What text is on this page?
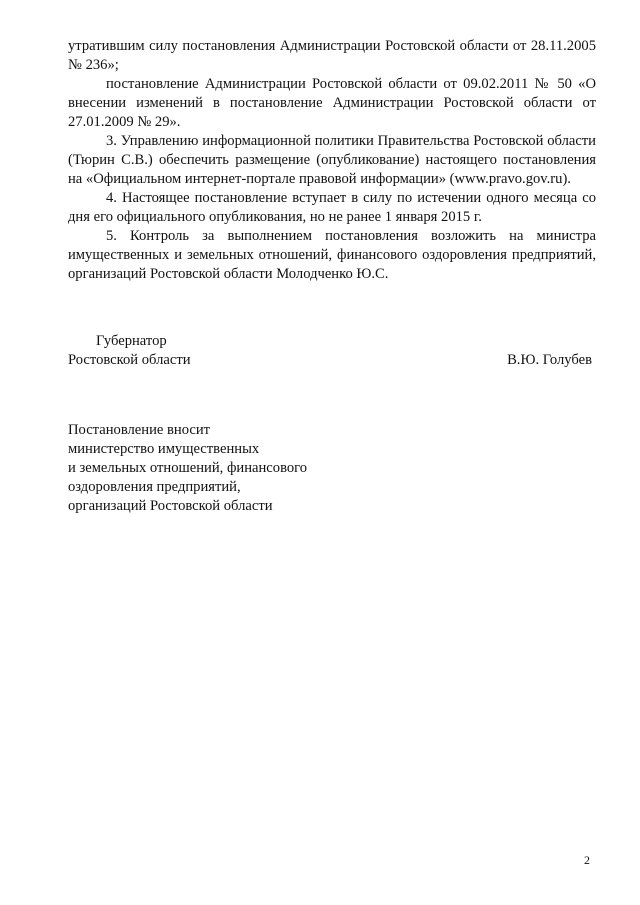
утратившим силу постановления Администрации Ростовской области от 28.11.2005 № 236»;

постановление Администрации Ростовской области от 09.02.2011 № 50 «О внесении изменений в постановление Администрации Ростовской области от 27.01.2009 № 29».

3. Управлению информационной политики Правительства Ростовской области (Тюрин С.В.) обеспечить размещение (опубликование) настоящего постановления на «Официальном интернет-портале правовой информации» (www.pravo.gov.ru).

4. Настоящее постановление вступает в силу по истечении одного месяца со дня его официального опубликования, но не ранее 1 января 2015 г.

5. Контроль за выполнением постановления возложить на министра имущественных и земельных отношений, финансового оздоровления предприятий, организаций Ростовской области Молодченко Ю.С.

Губернатор
Ростовской области	В.Ю. Голубев
Постановление вносит
министерство имущественных
и земельных отношений, финансового
оздоровления предприятий,
организаций Ростовской области
2
